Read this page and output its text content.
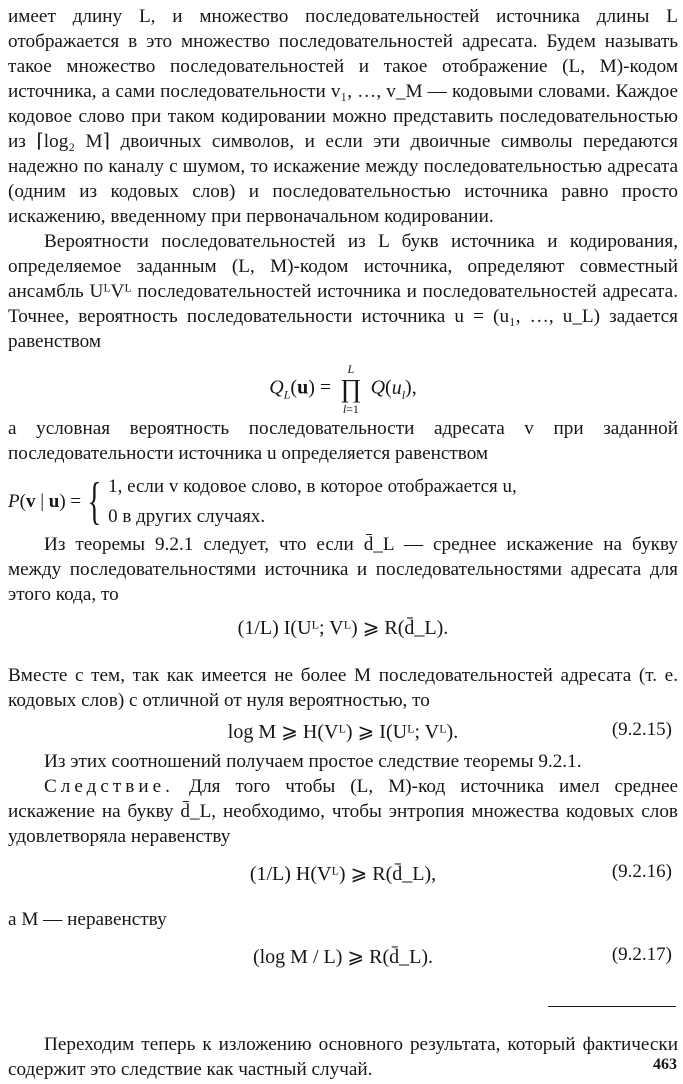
имеет длину L, и множество последовательностей источника длины L отображается в это множество последовательностей адресата. Будем называть такое множество последовательностей и такое отображение (L, M)-кодом источника, а сами последовательности v₁, …, v_M — кодовыми словами. Каждое кодовое слово при таком кодировании можно представить последовательностью из ⌈log₂ M⌉ двоичных символов, и если эти двоичные символы передаются надежно по каналу с шумом, то искажение между последовательностью адресата (одним из кодовых слов) и последовательностью источника равно просто искажению, введенному при первоначальном кодировании.

Вероятности последовательностей из L букв источника и кодирования, определяемое заданным (L, M)-кодом источника, определяют совместный ансамбль UᴸVᴸ последовательностей источника и последовательностей адресата. Точнее, вероятность последовательности источника u = (u₁, …, u_L) задается равенством

$Q_L(u) = L$
∏
l=1 $Q(u_l)$,

а условная вероятность последовательности адресата v при заданной последовательности источника u определяется равенством

P(v | u) = { 1, если v кодовое слово, в которое отображается u,
0 в других случаях.

Из теоремы 9.2.1 следует, что если d̄_L — среднее искажение на букву между последовательностями источника и последовательностями адресата для этого кода, то

(1/L) I(Uᴸ; Vᴸ) ⩾ R(d̄_L).

Вместе с тем, так как имеется не более M последовательностей адресата (т. е. кодовых слов) с отличной от нуля вероятностью, то

log M ⩾ H(Vᴸ) ⩾ I(Uᴸ; Vᴸ).	(9.2.15)

Из этих соотношений получаем простое следствие теоремы 9.2.1.

Следствие. Для того чтобы (L, M)-код источника имел среднее искажение на букву d̄_L, необходимо, чтобы энтропия множества кодовых слов удовлетворяла неравенству

(1/L) H(Vᴸ) ⩾ R(d̄_L),	(9.2.16)

а M — неравенству

(log M / L) ⩾ R(d̄_L).	(9.2.17)

Переходим теперь к изложению основного результата, который фактически содержит это следствие как частный случай.	463
